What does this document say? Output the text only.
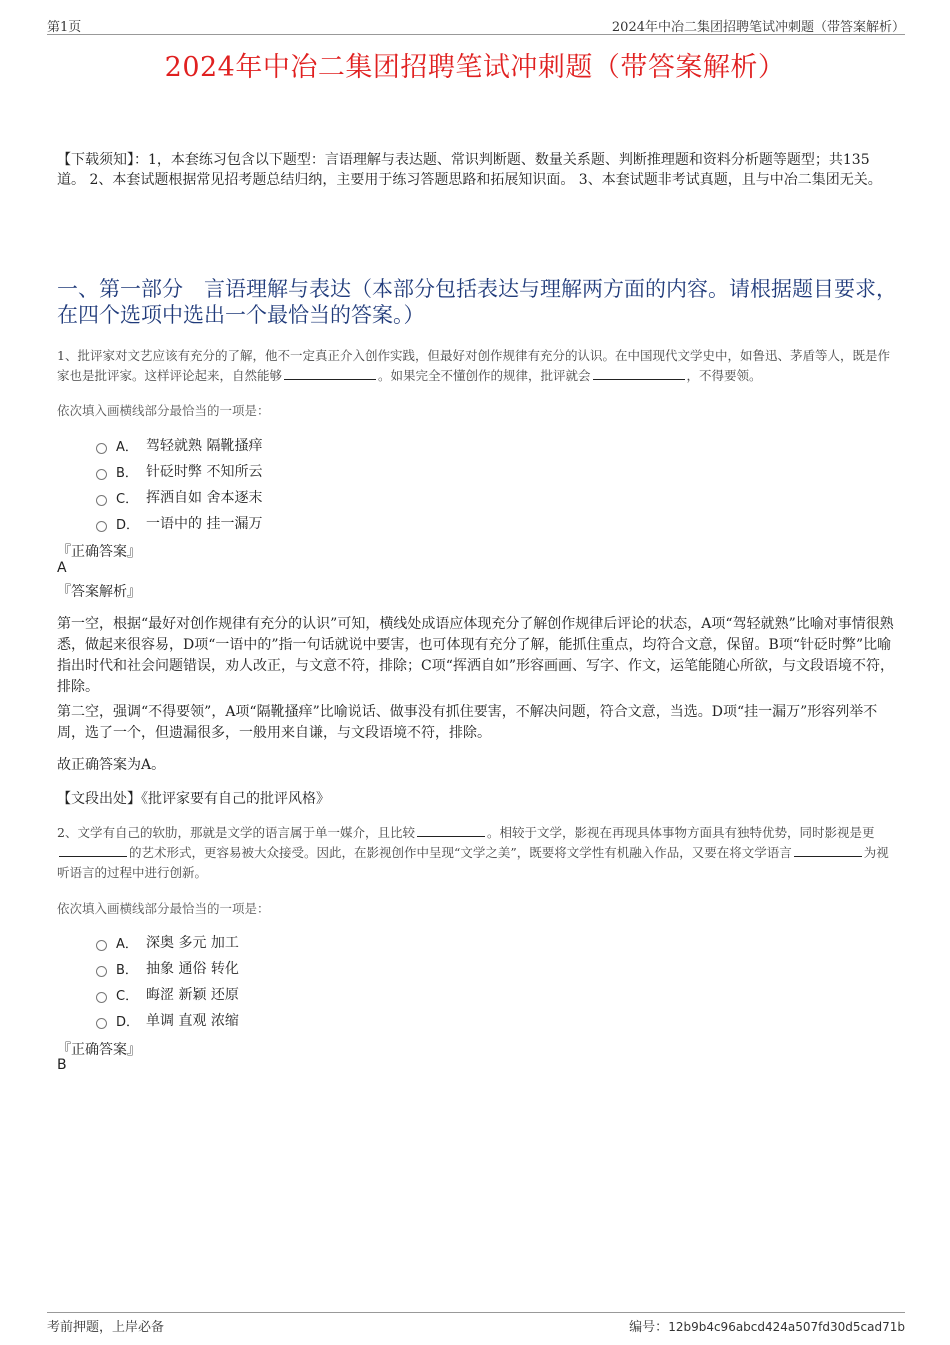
第1页	2024年中冶二集团招聘笔试冲刺题（带答案解析）
2024年中冶二集团招聘笔试冲刺题（带答案解析）
【下载须知】：1，本套练习包含以下题型：言语理解与表达题、常识判断题、数量关系题、判断推理题和资料分析题等题型；共135道。 2、本套试题根据常见招考题总结归纳，主要用于练习答题思路和拓展知识面。 3、本套试题非考试真题，且与中冶二集团无关。
一、第一部分　言语理解与表达（本部分包括表达与理解两方面的内容。请根据题目要求，在四个选项中选出一个最恰当的答案。）
1、批评家对文艺应该有充分的了解，他不一定真正介入创作实践，但最好对创作规律有充分的认识。在中国现代文学史中，如鲁迅、茅盾等人，既是作家也是批评家。这样评论起来，自然能够	。如果完全不懂创作的规律，批评就会	，不得要领。
依次填入画横线部分最恰当的一项是：
A． 驾轻就熟 隔靴搔痒
B． 针砭时弊 不知所云
C． 挥洒自如 舍本逐末
D． 一语中的 挂一漏万
『正确答案』
A
『答案解析』
第一空，根据“最好对创作规律有充分的认识”可知，横线处成语应体现充分了解创作规律后评论的状态，A项“驾轻就熟”比喻对事情很熟悉，做起来很容易，D项“一语中的”指一句话就说中要害，也可体现有充分了解，能抓住重点，均符合文意，保留。B项“针砭时弊”比喻指出时代和社会问题错误，劝人改正，与文意不符，排除；C项“挥洒自如”形容画画、写字、作文，运笔能随心所欲，与文段语境不符，排除。
第二空，强调“不得要领”，A项“隔靴搔痒”比喻说话、做事没有抓住要害，不解决问题，符合文意，当选。D项“挂一漏万”形容列举不周，选了一个，但遗漏很多，一般用来自谦，与文段语境不符，排除。
故正确答案为A。
【文段出处】《批评家要有自己的批评风格》
2、文学有自己的软肋，那就是文学的语言属于单一媒介，且比较	。相较于文学，影视在再现具体事物方面具有独特优势，同时影视是更的艺术形式，更容易被大众接受。因此，在影视创作中呈现“文学之美”，既要将文学性有机融入作品，又要在将文学语言	为视听语言的过程中进行创新。
依次填入画横线部分最恰当的一项是：
A． 深奥 多元 加工
B． 抽象 通俗 转化
C． 晦涩 新颖 还原
D． 单调 直观 浓缩
『正确答案』
B
考前押题，上岸必备	编号：12b9b4c96abcd424a507fd30d5cad71b
